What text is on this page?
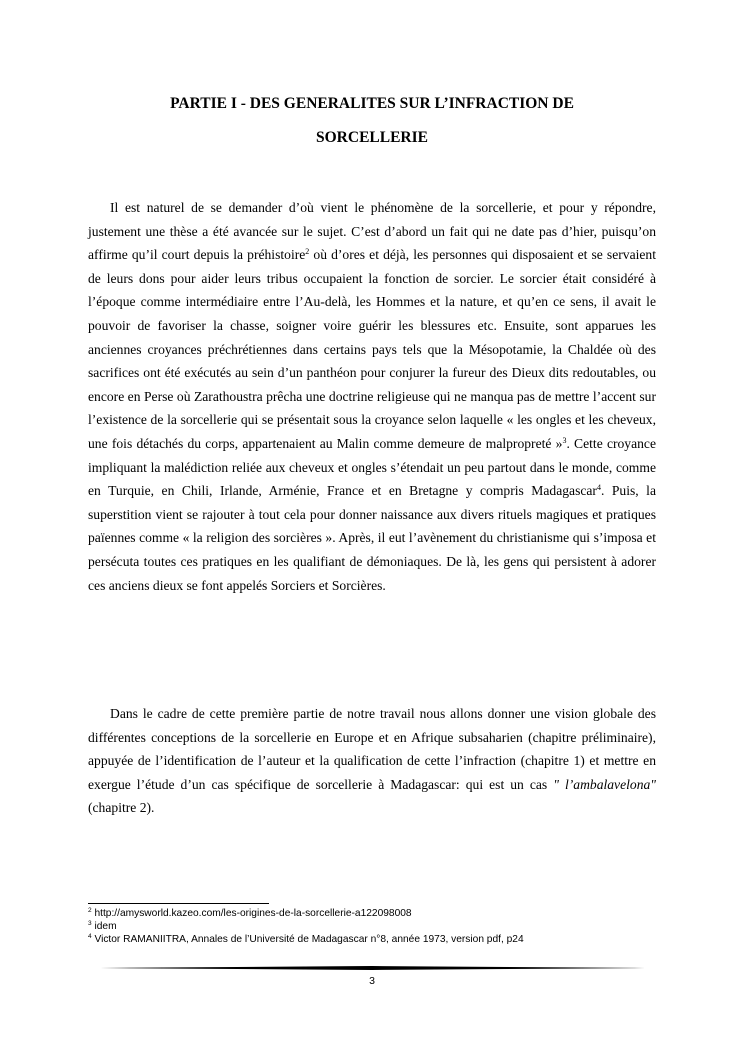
PARTIE I - DES GENERALITES SUR L’INFRACTION DE
SORCELLERIE

Il est naturel de se demander d’où vient le phénomène de la sorcellerie, et pour y répondre, justement une thèse a été avancée sur le sujet. C’est d’abord un fait qui ne date pas d’hier, puisqu’on affirme qu’il court depuis la préhistoire$^2$ où d’ores et déjà, les personnes qui disposaient et se servaient de leurs dons pour aider leurs tribus occupaient la fonction de sorcier. Le sorcier était considéré à l’époque comme intermédiaire entre l’Au-delà, les Hommes et la nature, et qu’en ce sens, il avait le pouvoir de favoriser la chasse, soigner voire guérir les blessures etc. Ensuite, sont apparues les anciennes croyances préchrétiennes dans certains pays tels que la Mésopotamie, la Chaldée où des sacrifices ont été exécutés au sein d’un panthéon pour conjurer la fureur des Dieux dits redoutables, ou encore en Perse où Zarathoustra prêcha une doctrine religieuse qui ne manqua pas de mettre l’accent sur l’existence de la sorcellerie qui se présentait sous la croyance selon laquelle « les ongles et les cheveux, une fois détachés du corps, appartenaient au Malin comme demeure de malpropreté »$^3$. Cette croyance impliquant la malédiction reliée aux cheveux et ongles s’étendait un peu partout dans le monde, comme en Turquie, en Chili, Irlande, Arménie, France et en Bretagne y compris Madagascar$^4$. Puis, la superstition vient se rajouter à tout cela pour donner naissance aux divers rituels magiques et pratiques païennes comme « la religion des sorcières ». Après, il eut l’avènement du christianisme qui s’imposa et persécuta toutes ces pratiques en les qualifiant de démoniaques. De là, les gens qui persistent à adorer ces anciens dieux se font appelés Sorciers et Sorcières.

Dans le cadre de cette première partie de notre travail nous allons donner une vision globale des différentes conceptions de la sorcellerie en Europe et en Afrique subsaharien (chapitre préliminaire), appuyée de l’identification de l’auteur et la qualification de cette l’infraction (chapitre 1) et mettre en exergue l’étude d’un cas spécifique de sorcellerie à Madagascar: qui est un cas " l’ambalavelona" (chapitre 2).

$^2$ http://amysworld.kazeo.com/les-origines-de-la-sorcellerie-a122098008
$^3$ idem
$^4$ Victor RAMANIITRA, Annales de l’Université de Madagascar n°8, année 1973, version pdf, p24
3
